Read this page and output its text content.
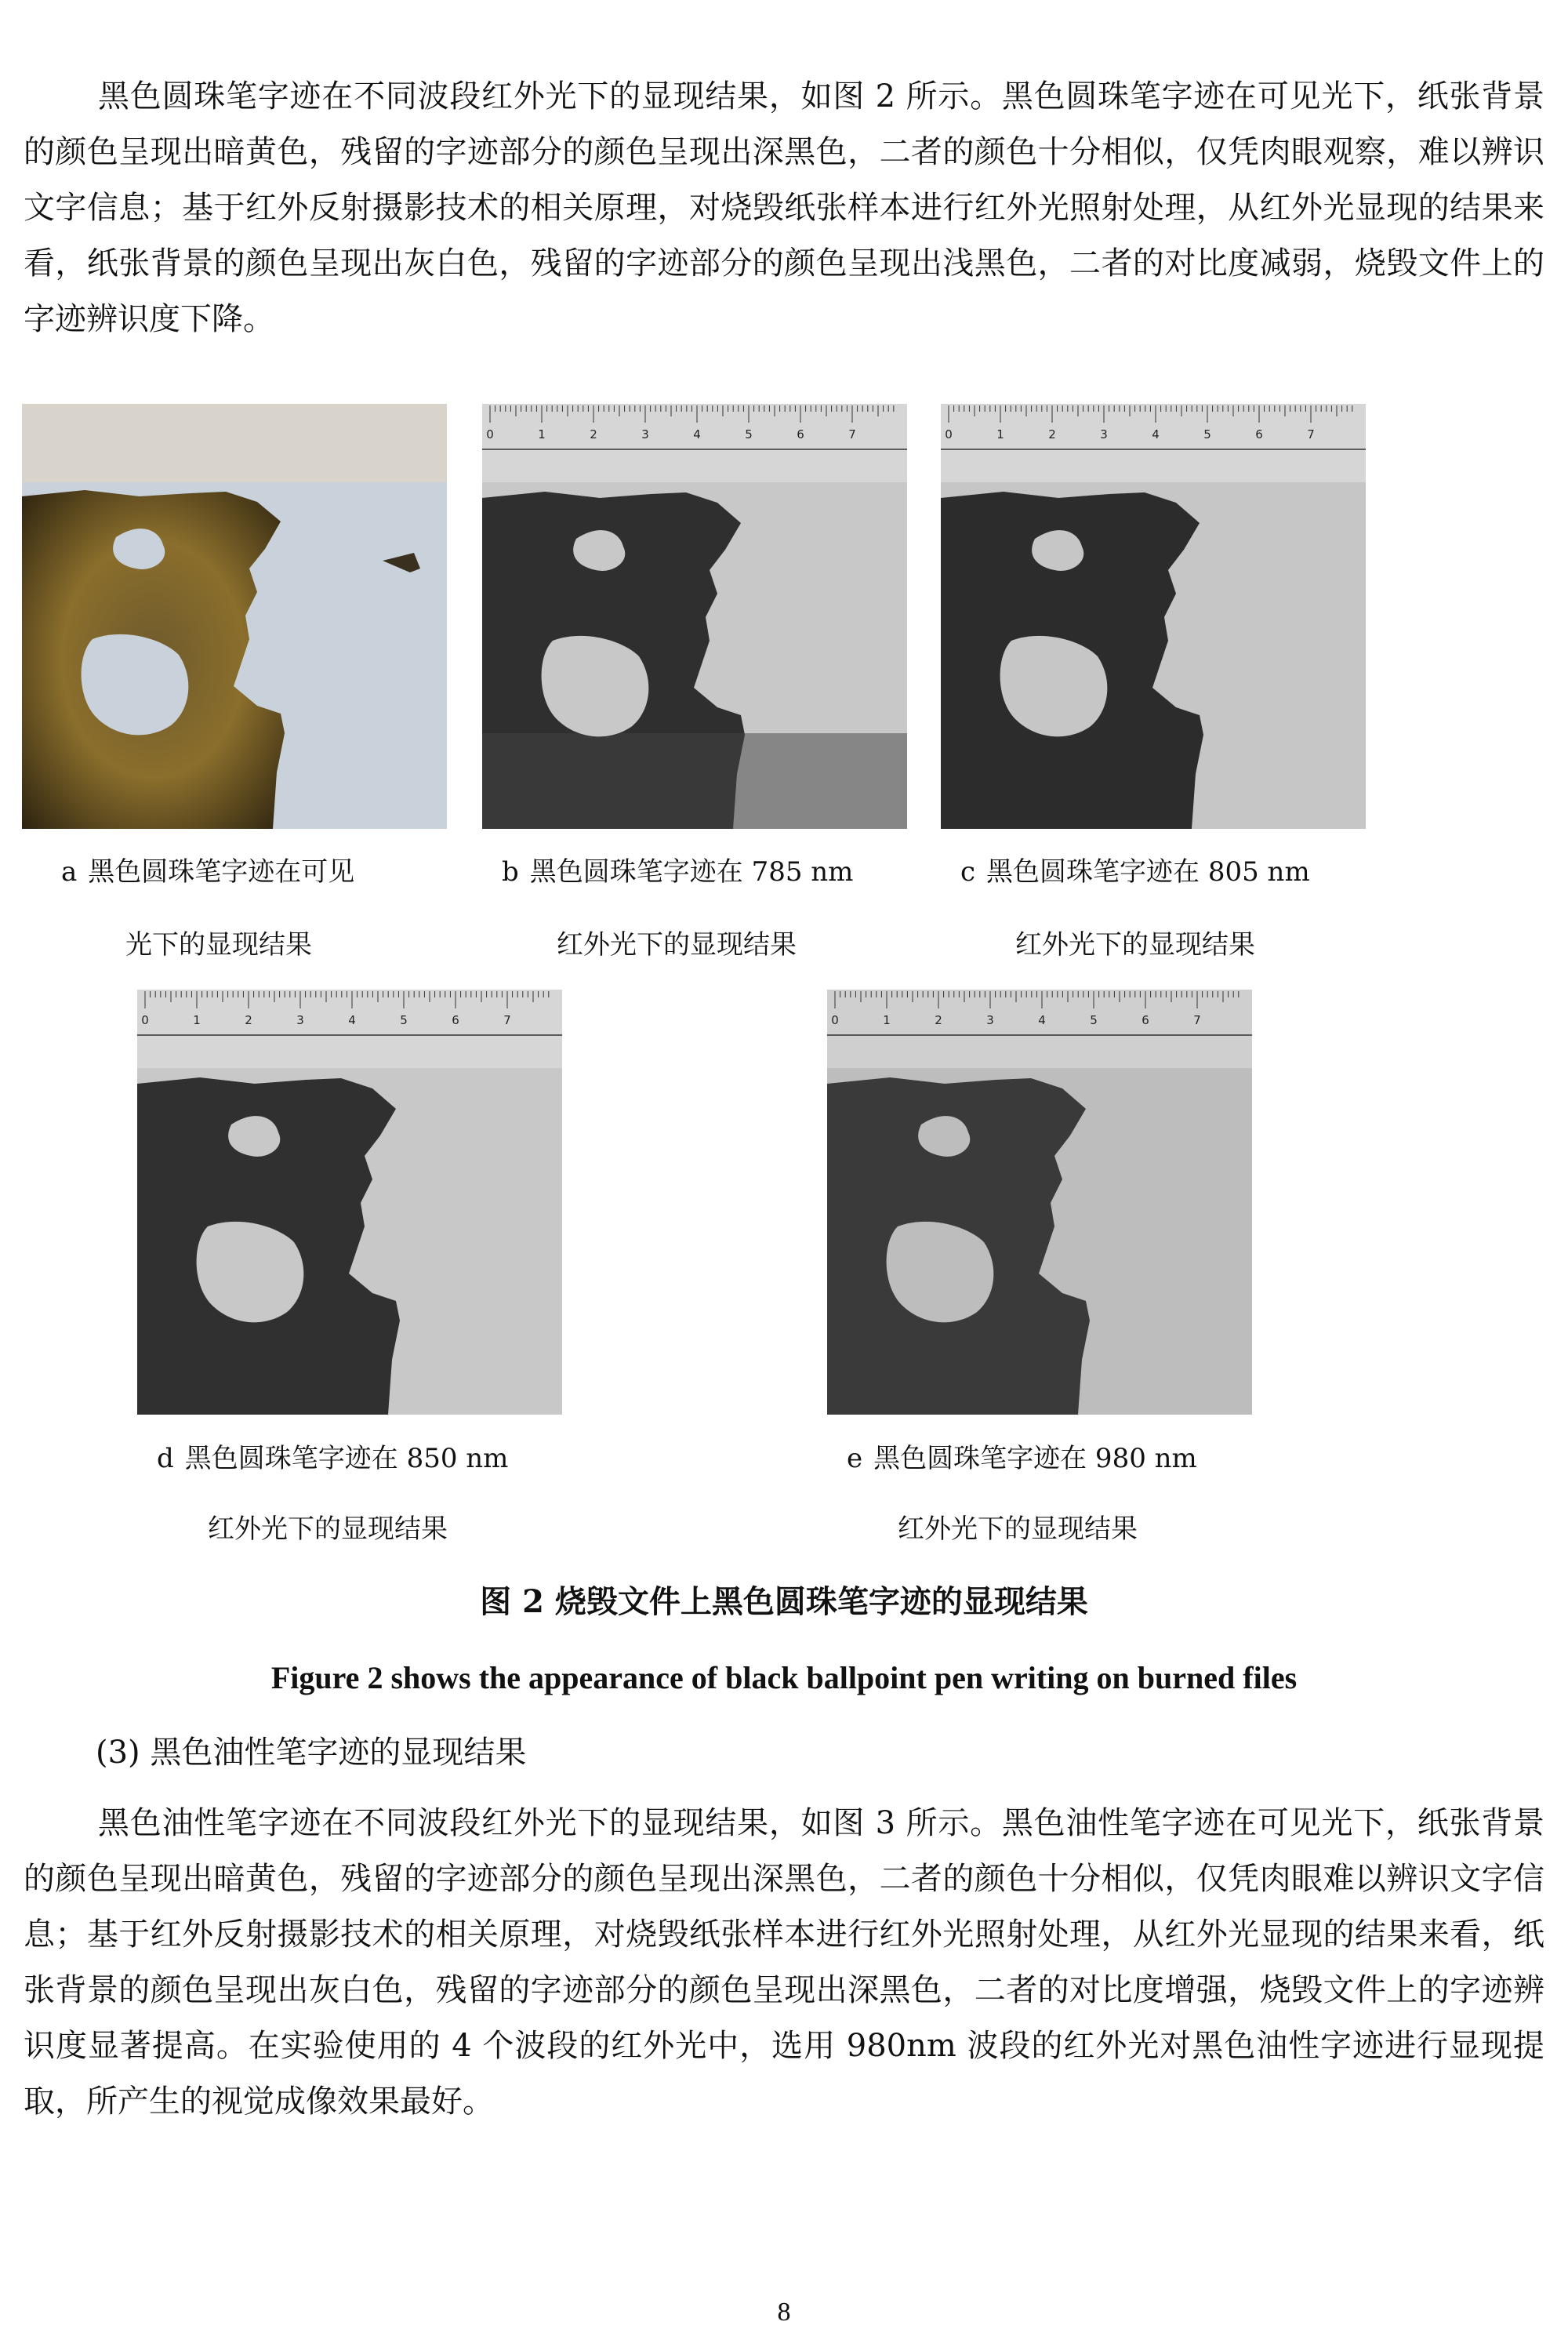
黑色圆珠笔字迹在不同波段红外光下的显现结果，如图 2 所示。黑色圆珠笔字迹在可见光下，纸张背景的颜色呈现出暗黄色，残留的字迹部分的颜色呈现出深黑色，二者的颜色十分相似，仅凭肉眼观察，难以辨识文字信息；基于红外反射摄影技术的相关原理，对烧毁纸张样本进行红外光照射处理，从红外光显现的结果来看，纸张背景的颜色呈现出灰白色，残留的字迹部分的颜色呈现出浅黑色，二者的对比度减弱，烧毁文件上的字迹辨识度下降。

0	1	2	3	4	5	6	7	0	1	2	3	4	5	6	7
a 黑色圆珠笔字迹在可见
光下的显现结果
b 黑色圆珠笔字迹在 785 nm
红外光下的显现结果
c 黑色圆珠笔字迹在 805 nm
红外光下的显现结果
0	1	2	3	4	5	6	7	0	1	2	3	4	5	6	7
d 黑色圆珠笔字迹在 850 nm
红外光下的显现结果
e 黑色圆珠笔字迹在 980 nm
红外光下的显现结果
图 2 烧毁文件上黑色圆珠笔字迹的显现结果
Figure 2 shows the appearance of black ballpoint pen writing on burned files
(3) 黑色油性笔字迹的显现结果

黑色油性笔字迹在不同波段红外光下的显现结果，如图 3 所示。黑色油性笔字迹在可见光下，纸张背景的颜色呈现出暗黄色，残留的字迹部分的颜色呈现出深黑色，二者的颜色十分相似，仅凭肉眼难以辨识文字信息；基于红外反射摄影技术的相关原理，对烧毁纸张样本进行红外光照射处理，从红外光显现的结果来看，纸张背景的颜色呈现出灰白色，残留的字迹部分的颜色呈现出深黑色，二者的对比度增强，烧毁文件上的字迹辨识度显著提高。在实验使用的 4 个波段的红外光中，选用 980nm 波段的红外光对黑色油性字迹进行显现提取，所产生的视觉成像效果最好。

8
